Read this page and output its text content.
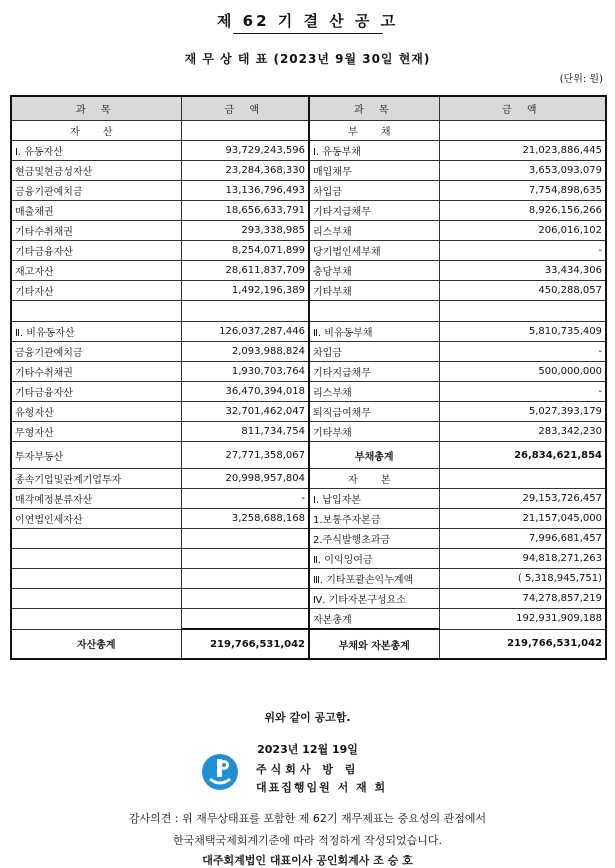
제 62 기 결 산 공 고
재 무 상 태 표 (2023년 9월 30일 현재)
(단위: 원)
과 목	금 액	과 목	금 액
자 산		부 채	
Ⅰ. 유동자산	93,729,243,596	Ⅰ. 유동부채	21,023,886,445
현금및현금성자산	23,284,368,330	매입채무	3,653,093,079
금융기관예치금	13,136,796,493	차입금	7,754,898,635
매출채권	18,656,633,791	기타지급채무	8,926,156,266
기타수취채권	293,338,985	리스부채	206,016,102
기타금융자산	8,254,071,899	당기법인세부채	-
재고자산	28,611,837,709	충당부채	33,434,306
기타자산	1,492,196,389	기타부채	450,288,057

Ⅱ. 비유동자산	126,037,287,446	Ⅱ. 비유동부채	5,810,735,409
금융기관예치금	2,093,988,824	차입금	-
기타수취채권	1,930,703,764	기타지급채무	500,000,000
기타금융자산	36,470,394,018	리스부채	-
유형자산	32,701,462,047	퇴직급여채무	5,027,393,179
무형자산	811,734,754	기타부채	283,342,230
투자부동산	27,771,358,067	부채총계	26,834,621,854
종속기업및관계기업투자	20,998,957,804	자 본	
매각예정분류자산	-	Ⅰ. 납입자본	29,153,726,457
이연법인세자산	3,258,688,168	1.보통주자본금	21,157,045,000
		2.주식발행초과금	7,996,681,457
		Ⅱ. 이익잉여금	94,818,271,263
		Ⅲ. 기타포괄손익누계액	( 5,318,945,751)
		Ⅳ. 기타자본구성요소	74,278,857,219
		자본총계	192,931,909,188
자산총계	219,766,531,042	부채와 자본총계	219,766,531,042
위와 같이 공고함.
2023년 12월 19일
주식회사 방 림
대표집행임원 서 재 희
감사의견 : 위 재무상태표를 포함한 제 62기 재무제표는 중요성의 관점에서
한국채택국제회계기준에 따라 적정하게 작성되었습니다.
대주회계법인 대표이사 공인회계사 조 승 호
